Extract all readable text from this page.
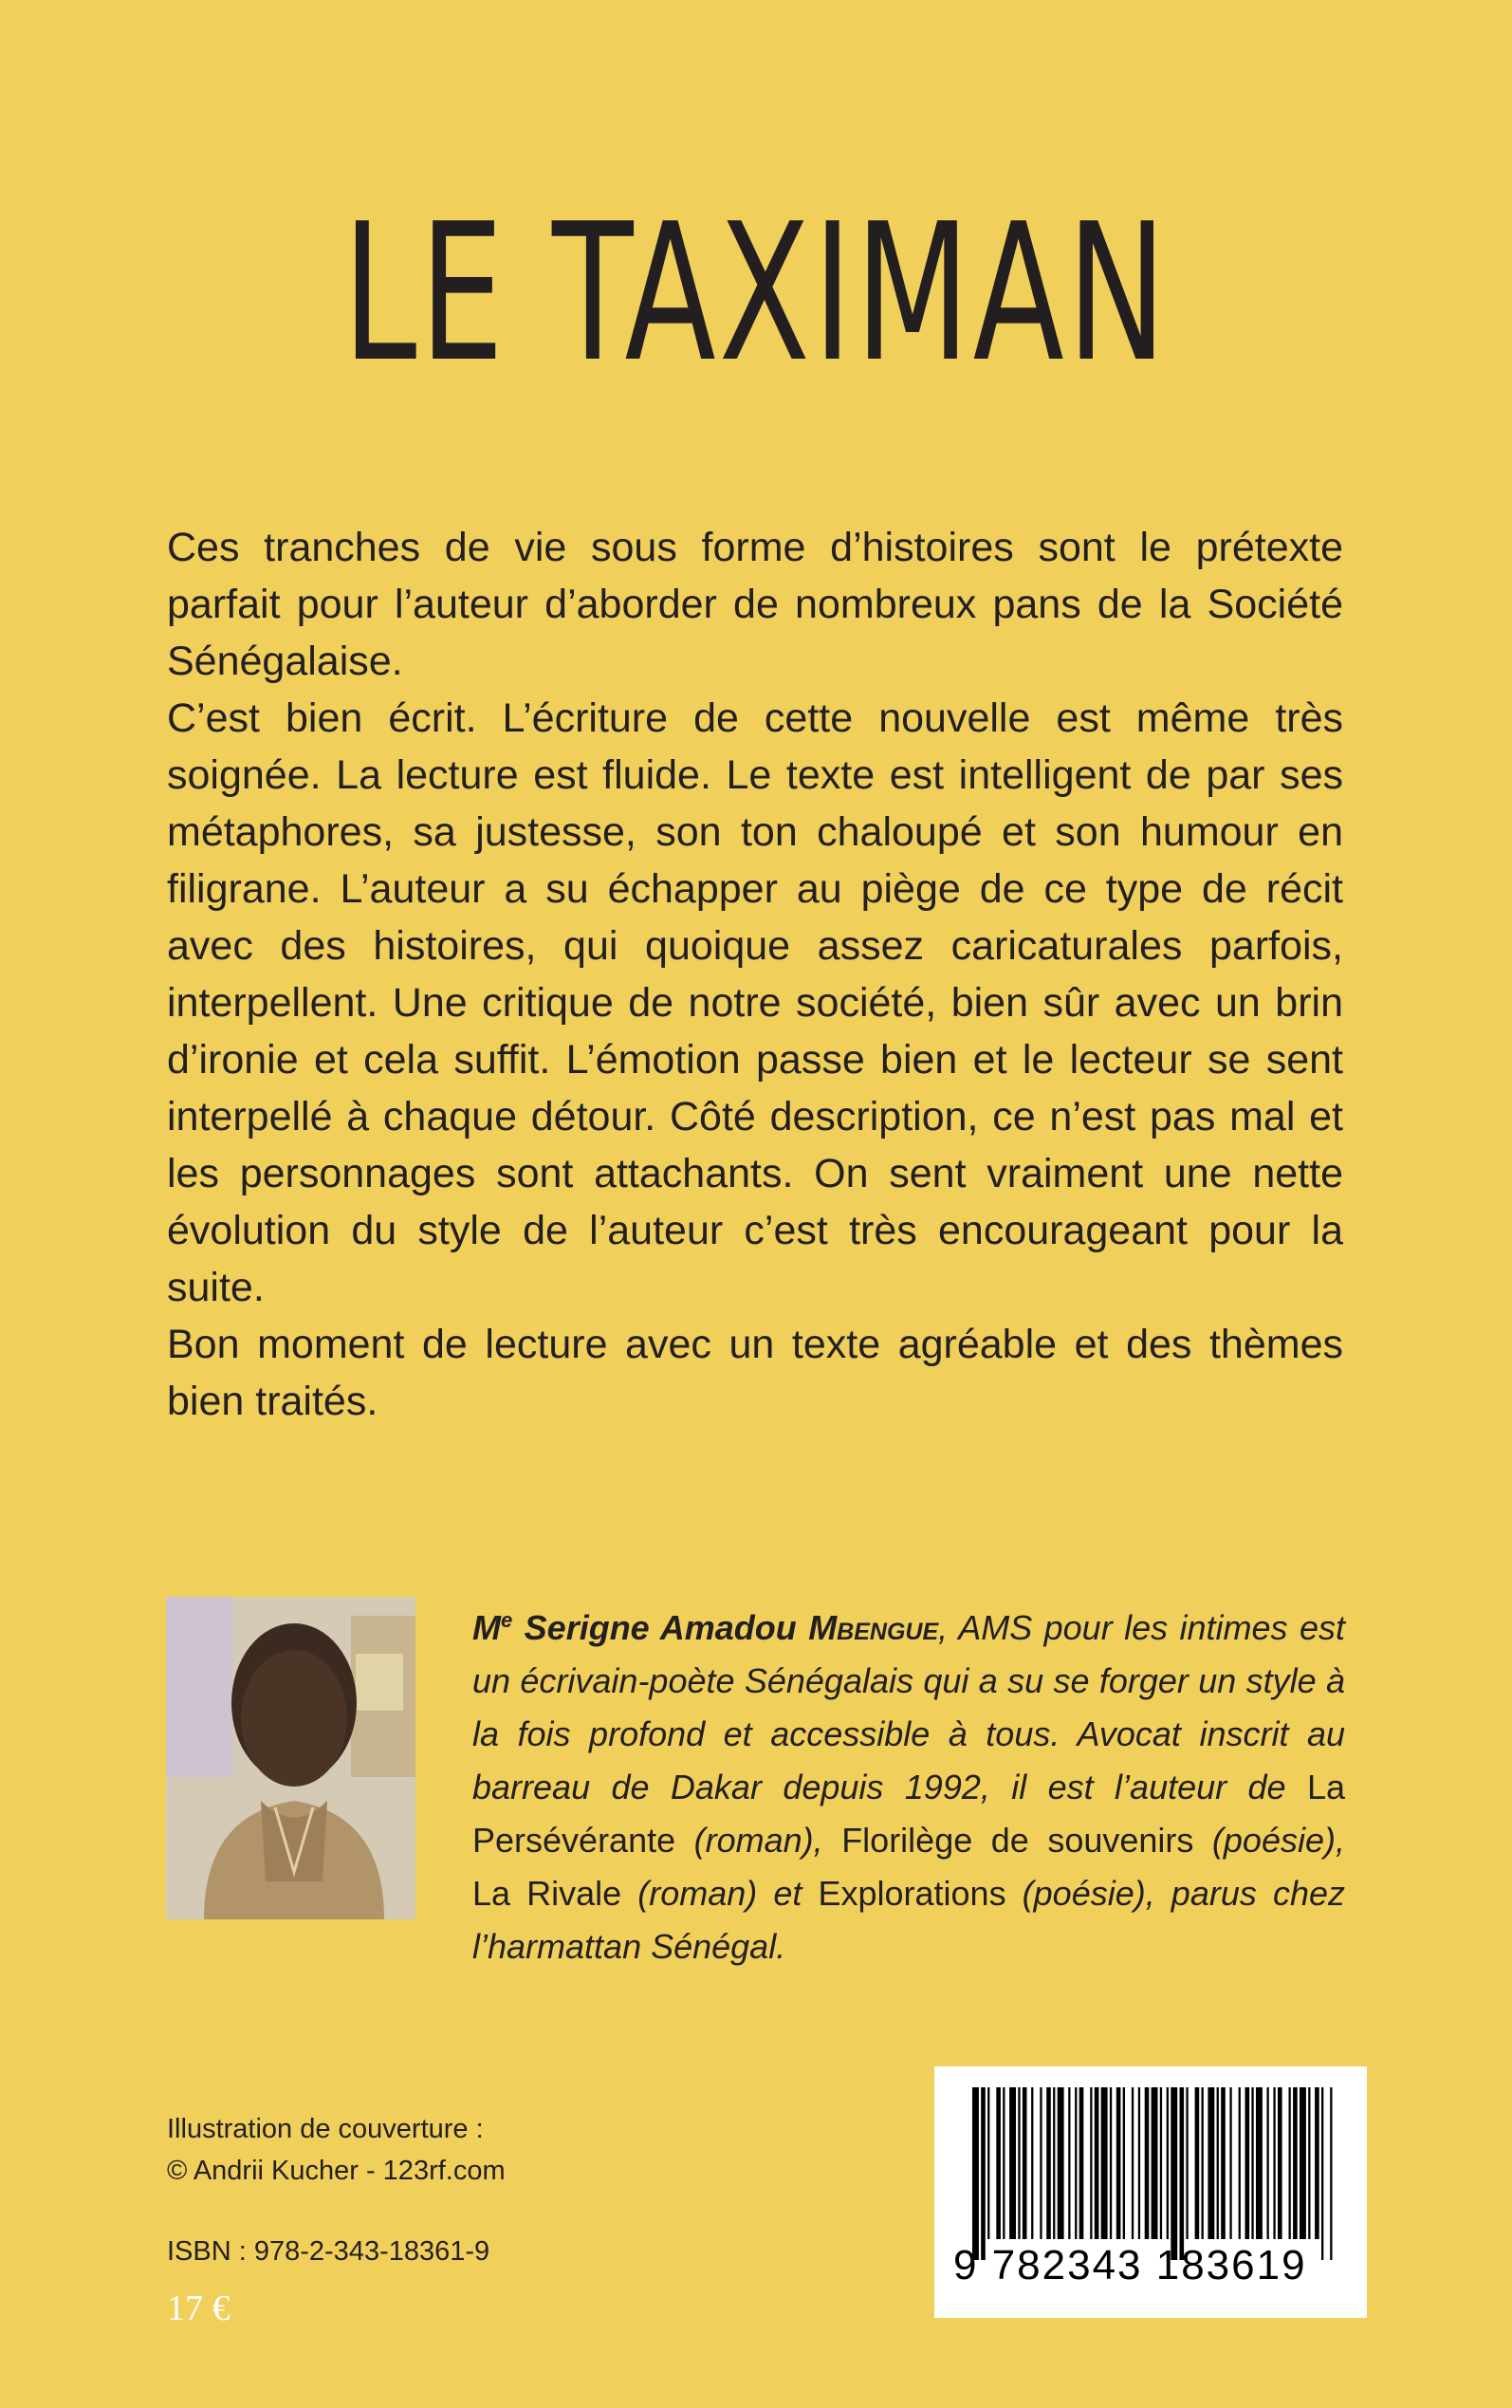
LE TAXIMAN

Ces tranches de vie sous forme d’histoires sont le prétexte parfait pour l’auteur d’aborder de nombreux pans de la Société Sénégalaise.

C’est bien écrit. L’écriture de cette nouvelle est même très soignée. La lecture est fluide. Le texte est intelligent de par ses métaphores, sa justesse, son ton chaloupé et son humour en filigrane. L’auteur a su échapper au piège de ce type de récit avec des histoires, qui quoique assez caricaturales parfois, interpellent. Une critique de notre société, bien sûr avec un brin d’ironie et cela suffit. L’émotion passe bien et le lecteur se sent interpellé à chaque détour. Côté description, ce n’est pas mal et les personnages sont attachants. On sent vraiment une nette évolution du style de l’auteur c’est très encourageant pour la suite.

Bon moment de lecture avec un texte agréable et des thèmes bien traités.

Me Serigne Amadou Mbengue, AMS pour les intimes est un écrivain-poète Sénégalais qui a su se forger un style à la fois profond et accessible à tous. Avocat inscrit au barreau de Dakar depuis 1992, il est l’auteur de La Persévérante (roman), Florilège de souvenirs (poésie), La Rivale (roman) et Explorations (poésie), parus chez l’harmattan Sénégal.
Illustration de couverture :
© Andrii Kucher - 123rf.com
ISBN : 978-2-343-18361-9
17 €
9 782343 183619
